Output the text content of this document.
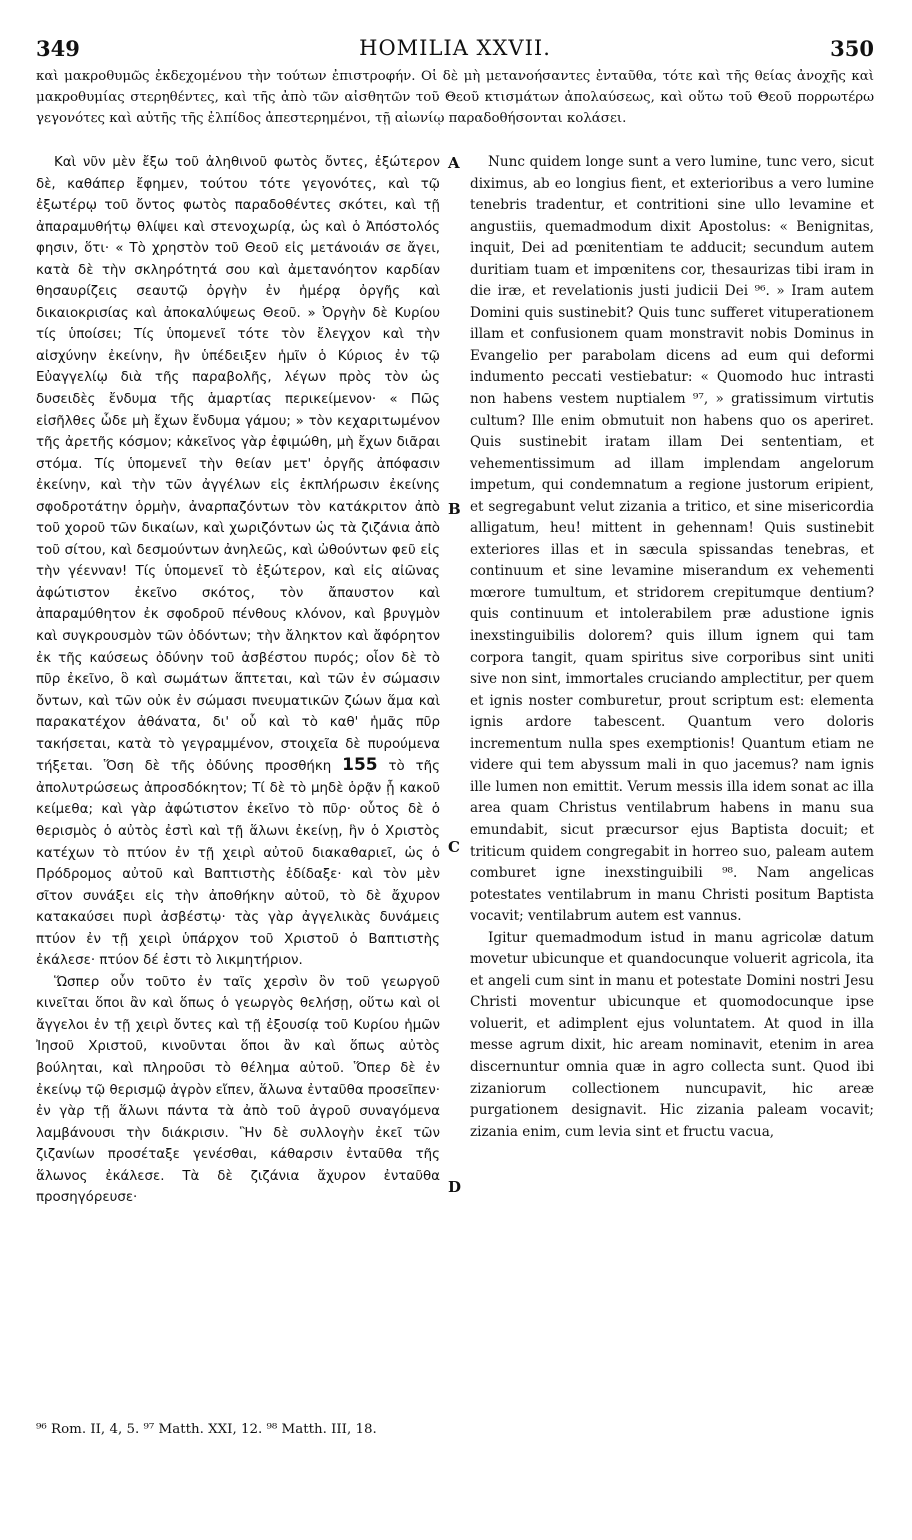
349	HOMILIA XXVII.	350

καὶ μακροθυμῶς ἐκδεχομένου τὴν τούτων ἐπιστροφήν. Οἱ δὲ μὴ μετανοήσαντες ἐνταῦθα, τότε καὶ τῆς θείας ἀνοχῆς καὶ μακροθυμίας στερηθέντες, καὶ τῆς ἀπὸ τῶν αἰσθητῶν τοῦ Θεοῦ κτισμάτων ἀπολαύσεως, καὶ οὕτω τοῦ Θεοῦ πορρωτέρω γεγονότες καὶ αὐτῆς τῆς ἐλπίδος ἀπεστερημένοι, τῇ αἰωνίῳ παραδοθήσονται κολάσει.

Καὶ νῦν μὲν ἔξω τοῦ ἀληθινοῦ φωτὸς ὄντες, ἐξώτερον δὲ, καθάπερ ἔφημεν, τούτου τότε γεγονότες, καὶ τῷ ἐξωτέρῳ τοῦ ὄντος φωτὸς παραδοθέντες σκότει, καὶ τῇ ἀπαραμυθήτῳ θλίψει καὶ στενοχωρίᾳ, ὡς καὶ ὁ Ἀπόστολός φησιν, ὅτι· « Τὸ χρηστὸν τοῦ Θεοῦ εἰς μετάνοιάν σε ἄγει, κατὰ δὲ τὴν σκληρότητά σου καὶ ἀμετανόητον καρδίαν θησαυρίζεις σεαυτῷ ὀργὴν ἐν ἡμέρᾳ ὀργῆς καὶ δικαιοκρισίας καὶ ἀποκαλύψεως Θεοῦ. » Ὀργὴν δὲ Κυρίου τίς ὑποίσει; Τίς ὑπομενεῖ τότε τὸν ἔλεγχον καὶ τὴν αἰσχύνην ἐκείνην, ἣν ὑπέδειξεν ἡμῖν ὁ Κύριος ἐν τῷ Εὐαγγελίῳ διὰ τῆς παραβολῆς, λέγων πρὸς τὸν ὡς δυσειδὲς ἔνδυμα τῆς ἁμαρτίας περικείμενον· « Πῶς εἰσῆλθες ὧδε μὴ ἔχων ἔνδυμα γάμου; » τὸν κεχαριτωμένον τῆς ἀρετῆς κόσμον; κἀκεῖνος γὰρ ἐφιμώθη, μὴ ἔχων διᾶραι στόμα. Τίς ὑπομενεῖ τὴν θείαν μετ' ὀργῆς ἀπόφασιν ἐκείνην, καὶ τὴν τῶν ἀγγέλων εἰς ἐκπλήρωσιν ἐκείνης σφοδροτάτην ὁρμὴν, ἀναρπαζόντων τὸν κατάκριτον ἀπὸ τοῦ χοροῦ τῶν δικαίων, καὶ χωριζόντων ὡς τὰ ζιζάνια ἀπὸ τοῦ σίτου, καὶ δεσμούντων ἀνηλεῶς, καὶ ὠθούντων φεῦ εἰς τὴν γέενναν! Τίς ὑπομενεῖ τὸ ἐξώτερον, καὶ εἰς αἰῶνας ἀφώτιστον ἐκεῖνο σκότος, τὸν ἄπαυστον καὶ ἀπαραμύθητον ἐκ σφοδροῦ πένθους κλόνον, καὶ βρυγμὸν καὶ συγκρουσμὸν τῶν ὀδόντων; τὴν ἄληκτον καὶ ἄφόρητον ἐκ τῆς καύσεως ὀδύνην τοῦ ἀσβέστου πυρός; οἷον δὲ τὸ πῦρ ἐκεῖνο, ὃ καὶ σωμάτων ἅπτεται, καὶ τῶν ἐν σώμασιν ὄντων, καὶ τῶν οὐκ ἐν σώμασι πνευματικῶν ζώων ἅμα καὶ παρακατέχον ἀθάνατα, δι' οὗ καὶ τὸ καθ' ἡμᾶς πῦρ τακήσεται, κατὰ τὸ γεγραμμένον, στοιχεῖα δὲ πυρούμενα τήξεται. Ὅση δὲ τῆς ὀδύνης προσθήκη 155 τὸ τῆς ἀπολυτρώσεως ἀπροσδόκητον; Τί δὲ τὸ μηδὲ ὁρᾷν ᾗ κακοῦ κείμεθα; καὶ γὰρ ἀφώτιστον ἐκεῖνο τὸ πῦρ· οὗτος δὲ ὁ θερισμὸς ὁ αὐτὸς ἐστὶ καὶ τῇ ἅλωνι ἐκείνῃ, ἣν ὁ Χριστὸς κατέχων τὸ πτύον ἐν τῇ χειρὶ αὐτοῦ διακαθαριεῖ, ὡς ὁ Πρόδρομος αὐτοῦ καὶ Βαπτιστὴς ἐδίδαξε· καὶ τὸν μὲν σῖτον συνάξει εἰς τὴν ἀποθήκην αὐτοῦ, τὸ δὲ ἄχυρον κατακαύσει πυρὶ ἀσβέστῳ· τὰς γὰρ ἀγγελικὰς δυνάμεις πτύον ἐν τῇ χειρὶ ὑπάρχον τοῦ Χριστοῦ ὁ Βαπτιστὴς ἐκάλεσε· πτύον δέ ἐστι τὸ λικμητήριον.

Ὥσπερ οὖν τοῦτο ἐν ταῖς χερσὶν ὂν τοῦ γεωργοῦ κινεῖται ὅποι ἂν καὶ ὅπως ὁ γεωργὸς θελήσῃ, οὕτω καὶ οἱ ἄγγελοι ἐν τῇ χειρὶ ὄντες καὶ τῇ ἐξουσίᾳ τοῦ Κυρίου ἡμῶν Ἰησοῦ Χριστοῦ, κινοῦνται ὅποι ἂν καὶ ὅπως αὐτὸς βούληται, καὶ πληροῦσι τὸ θέλημα αὐτοῦ. Ὅπερ δὲ ἐν ἐκείνῳ τῷ θερισμῷ ἀγρὸν εἴπεν, ἅλωνα ἐνταῦθα προσεῖπεν· ἐν γὰρ τῇ ἅλωνι πάντα τὰ ἀπὸ τοῦ ἀγροῦ συναγόμενα λαμβάνουσι τὴν διάκρισιν. Ἣν δὲ συλλογὴν ἐκεῖ τῶν ζιζανίων προσέταξε γενέσθαι, κάθαρσιν ἐνταῦθα τῆς ἅλωνος ἐκάλεσε. Τὰ δὲ ζιζάνια ἄχυρον ἐνταῦθα προσηγόρευσε·

A
B
C
D

Nunc quidem longe sunt a vero lumine, tunc vero, sicut diximus, ab eo longius fient, et exterioribus a vero lumine tenebris tradentur, et contritioni sine ullo levamine et angustiis, quemadmodum dixit Apostolus: « Benignitas, inquit, Dei ad pœnitentiam te adducit; secundum autem duritiam tuam et impœnitens cor, thesaurizas tibi iram in die iræ, et revelationis justi judicii Dei ⁹⁶. » Iram autem Domini quis sustinebit? Quis tunc sufferet vituperationem illam et confusionem quam monstravit nobis Dominus in Evangelio per parabolam dicens ad eum qui deformi indumento peccati vestiebatur: « Quomodo huc intrasti non habens vestem nuptialem ⁹⁷, » gratissimum virtutis cultum? Ille enim obmutuit non habens quo os aperiret. Quis sustinebit iratam illam Dei sententiam, et vehementissimum ad illam implendam angelorum impetum, qui condemnatum a regione justorum eripient, et segregabunt velut zizania a tritico, et sine misericordia alligatum, heu! mittent in gehennam! Quis sustinebit exteriores illas et in sæcula spissandas tenebras, et continuum et sine levamine miserandum ex vehementi mœrore tumultum, et stridorem crepitumque dentium? quis continuum et intolerabilem præ adustione ignis inexstinguibilis dolorem? quis illum ignem qui tam corpora tangit, quam spiritus sive corporibus sint uniti sive non sint, immortales cruciando amplectitur, per quem et ignis noster comburetur, prout scriptum est: elementa ignis ardore tabescent. Quantum vero doloris incrementum nulla spes exemptionis! Quantum etiam ne videre qui tem abyssum mali in quo jacemus? nam ignis ille lumen non emittit. Verum messis illa idem sonat ac illa area quam Christus ventilabrum habens in manu sua emundabit, sicut præcursor ejus Baptista docuit; et triticum quidem congregabit in horreo suo, paleam autem comburet igne inexstinguibili ⁹⁸. Nam angelicas potestates ventilabrum in manu Christi positum Baptista vocavit; ventilabrum autem est vannus.

Igitur quemadmodum istud in manu agricolæ datum movetur ubicunque et quandocunque voluerit agricola, ita et angeli cum sint in manu et potestate Domini nostri Jesu Christi moventur ubicunque et quomodocunque ipse voluerit, et adimplent ejus voluntatem. At quod in illa messe agrum dixit, hic aream nominavit, etenim in area discernuntur omnia quæ in agro collecta sunt. Quod ibi zizaniorum collectionem nuncupavit, hic areæ purgationem designavit. Hic zizania paleam vocavit; zizania enim, cum levia sint et fructu vacua,

⁹⁶ Rom. II, 4, 5. ⁹⁷ Matth. XXI, 12. ⁹⁸ Matth. III, 18.
